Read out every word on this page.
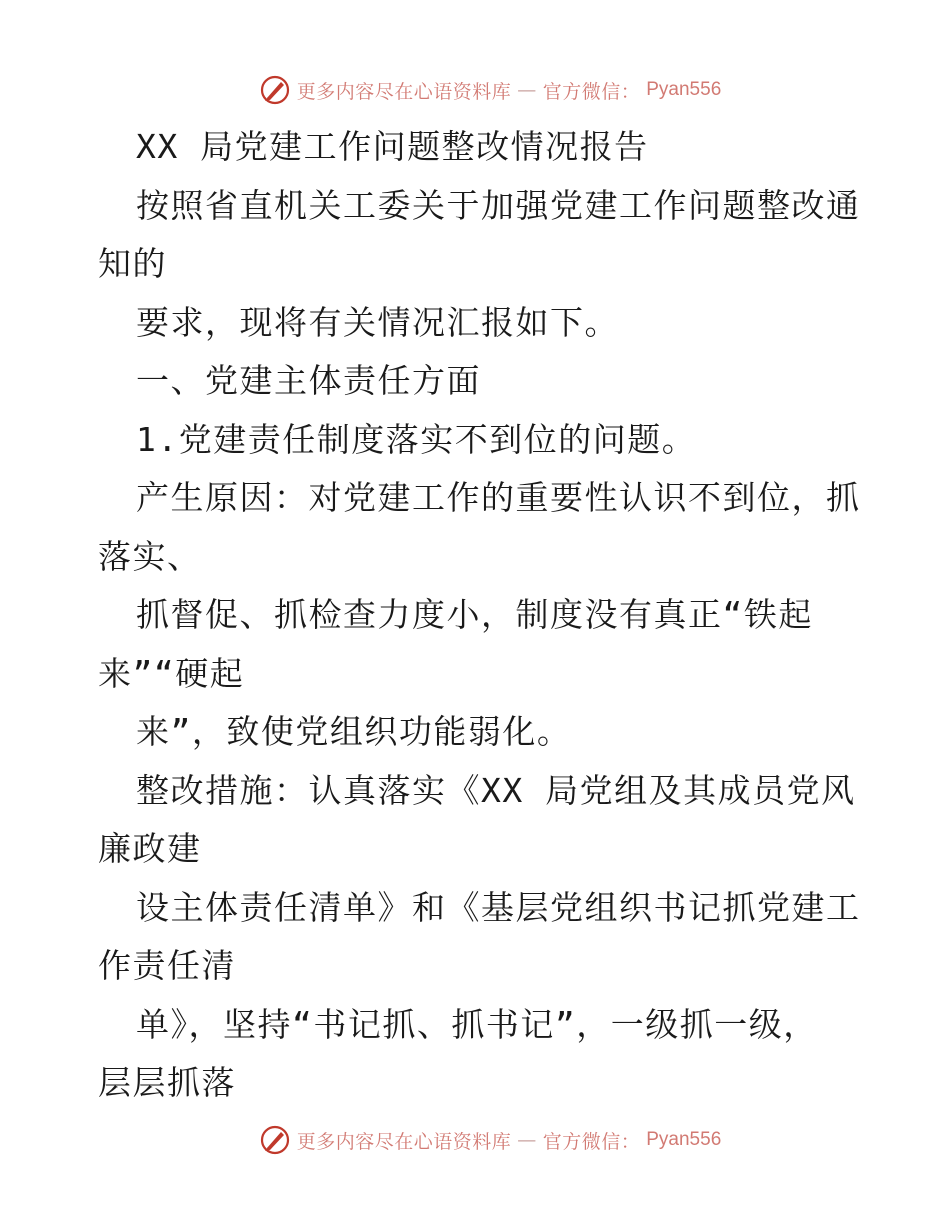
更多内容尽在心语资料库 — 官方微信： Pyan556
XX 局党建工作问题整改情况报告
按照省直机关工委关于加强党建工作问题整改通
知的
要求，现将有关情况汇报如下。
一、党建主体责任方面
1.党建责任制度落实不到位的问题。
产生原因：对党建工作的重要性认识不到位，抓
落实、
抓督促、抓检查力度小，制度没有真正“铁起
来”“硬起
来”，致使党组织功能弱化。
整改措施：认真落实《XX 局党组及其成员党风
廉政建
设主体责任清单》和《基层党组织书记抓党建工
作责任清
单》，坚持“书记抓、抓书记”，一级抓一级，
层层抓落
更多内容尽在心语资料库 — 官方微信： Pyan556
